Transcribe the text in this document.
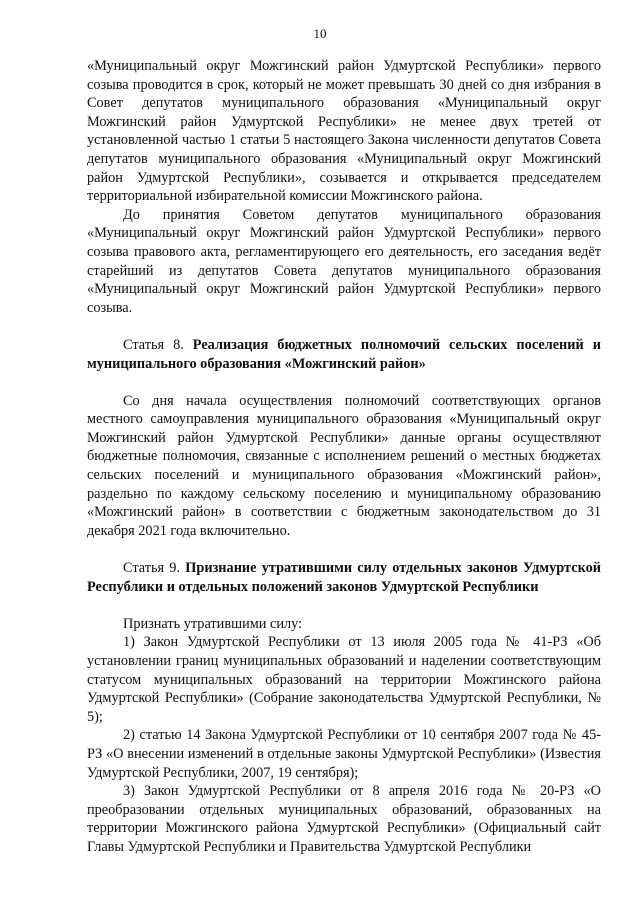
10

«Муниципальный округ Можгинский район Удмуртской Республики» первого созыва проводится в срок, который не может превышать 30 дней со дня избрания в Совет депутатов муниципального образования «Муниципальный округ Можгинский район Удмуртской Республики» не менее двух третей от установленной частью 1 статьи 5 настоящего Закона численности депутатов Совета депутатов муниципального образования «Муниципальный округ Можгинский район Удмуртской Республики», созывается и открывается председателем территориальной избирательной комиссии Можгинского района.

До принятия Советом депутатов муниципального образования «Муниципальный округ Можгинский район Удмуртской Республики» первого созыва правового акта, регламентирующего его деятельность, его заседания ведёт старейший из депутатов Совета депутатов муниципального образования «Муниципальный округ Можгинский район Удмуртской Республики» первого созыва.

Статья 8. Реализация бюджетных полномочий сельских поселений и муниципального образования «Можгинский район»

Со дня начала осуществления полномочий соответствующих органов местного самоуправления муниципального образования «Муниципальный округ Можгинский район Удмуртской Республики» данные органы осуществляют бюджетные полномочия, связанные с исполнением решений о местных бюджетах сельских поселений и муниципального образования «Можгинский район», раздельно по каждому сельскому поселению и муниципальному образованию «Можгинский район» в соответствии с бюджетным законодательством до 31 декабря 2021 года включительно.

Статья 9. Признание утратившими силу отдельных законов Удмуртской Республики и отдельных положений законов Удмуртской Республики

Признать утратившими силу:

1) Закон Удмуртской Республики от 13 июля 2005 года № 41-РЗ «Об установлении границ муниципальных образований и наделении соответствующим статусом муниципальных образований на территории Можгинского района Удмуртской Республики» (Собрание законодательства Удмуртской Республики, № 5);

2) статью 14 Закона Удмуртской Республики от 10 сентября 2007 года № 45-РЗ «О внесении изменений в отдельные законы Удмуртской Республики» (Известия Удмуртской Республики, 2007, 19 сентября);

3) Закон Удмуртской Республики от 8 апреля 2016 года № 20-РЗ «О преобразовании отдельных муниципальных образований, образованных на территории Можгинского района Удмуртской Республики» (Официальный сайт Главы Удмуртской Республики и Правительства Удмуртской Республики
